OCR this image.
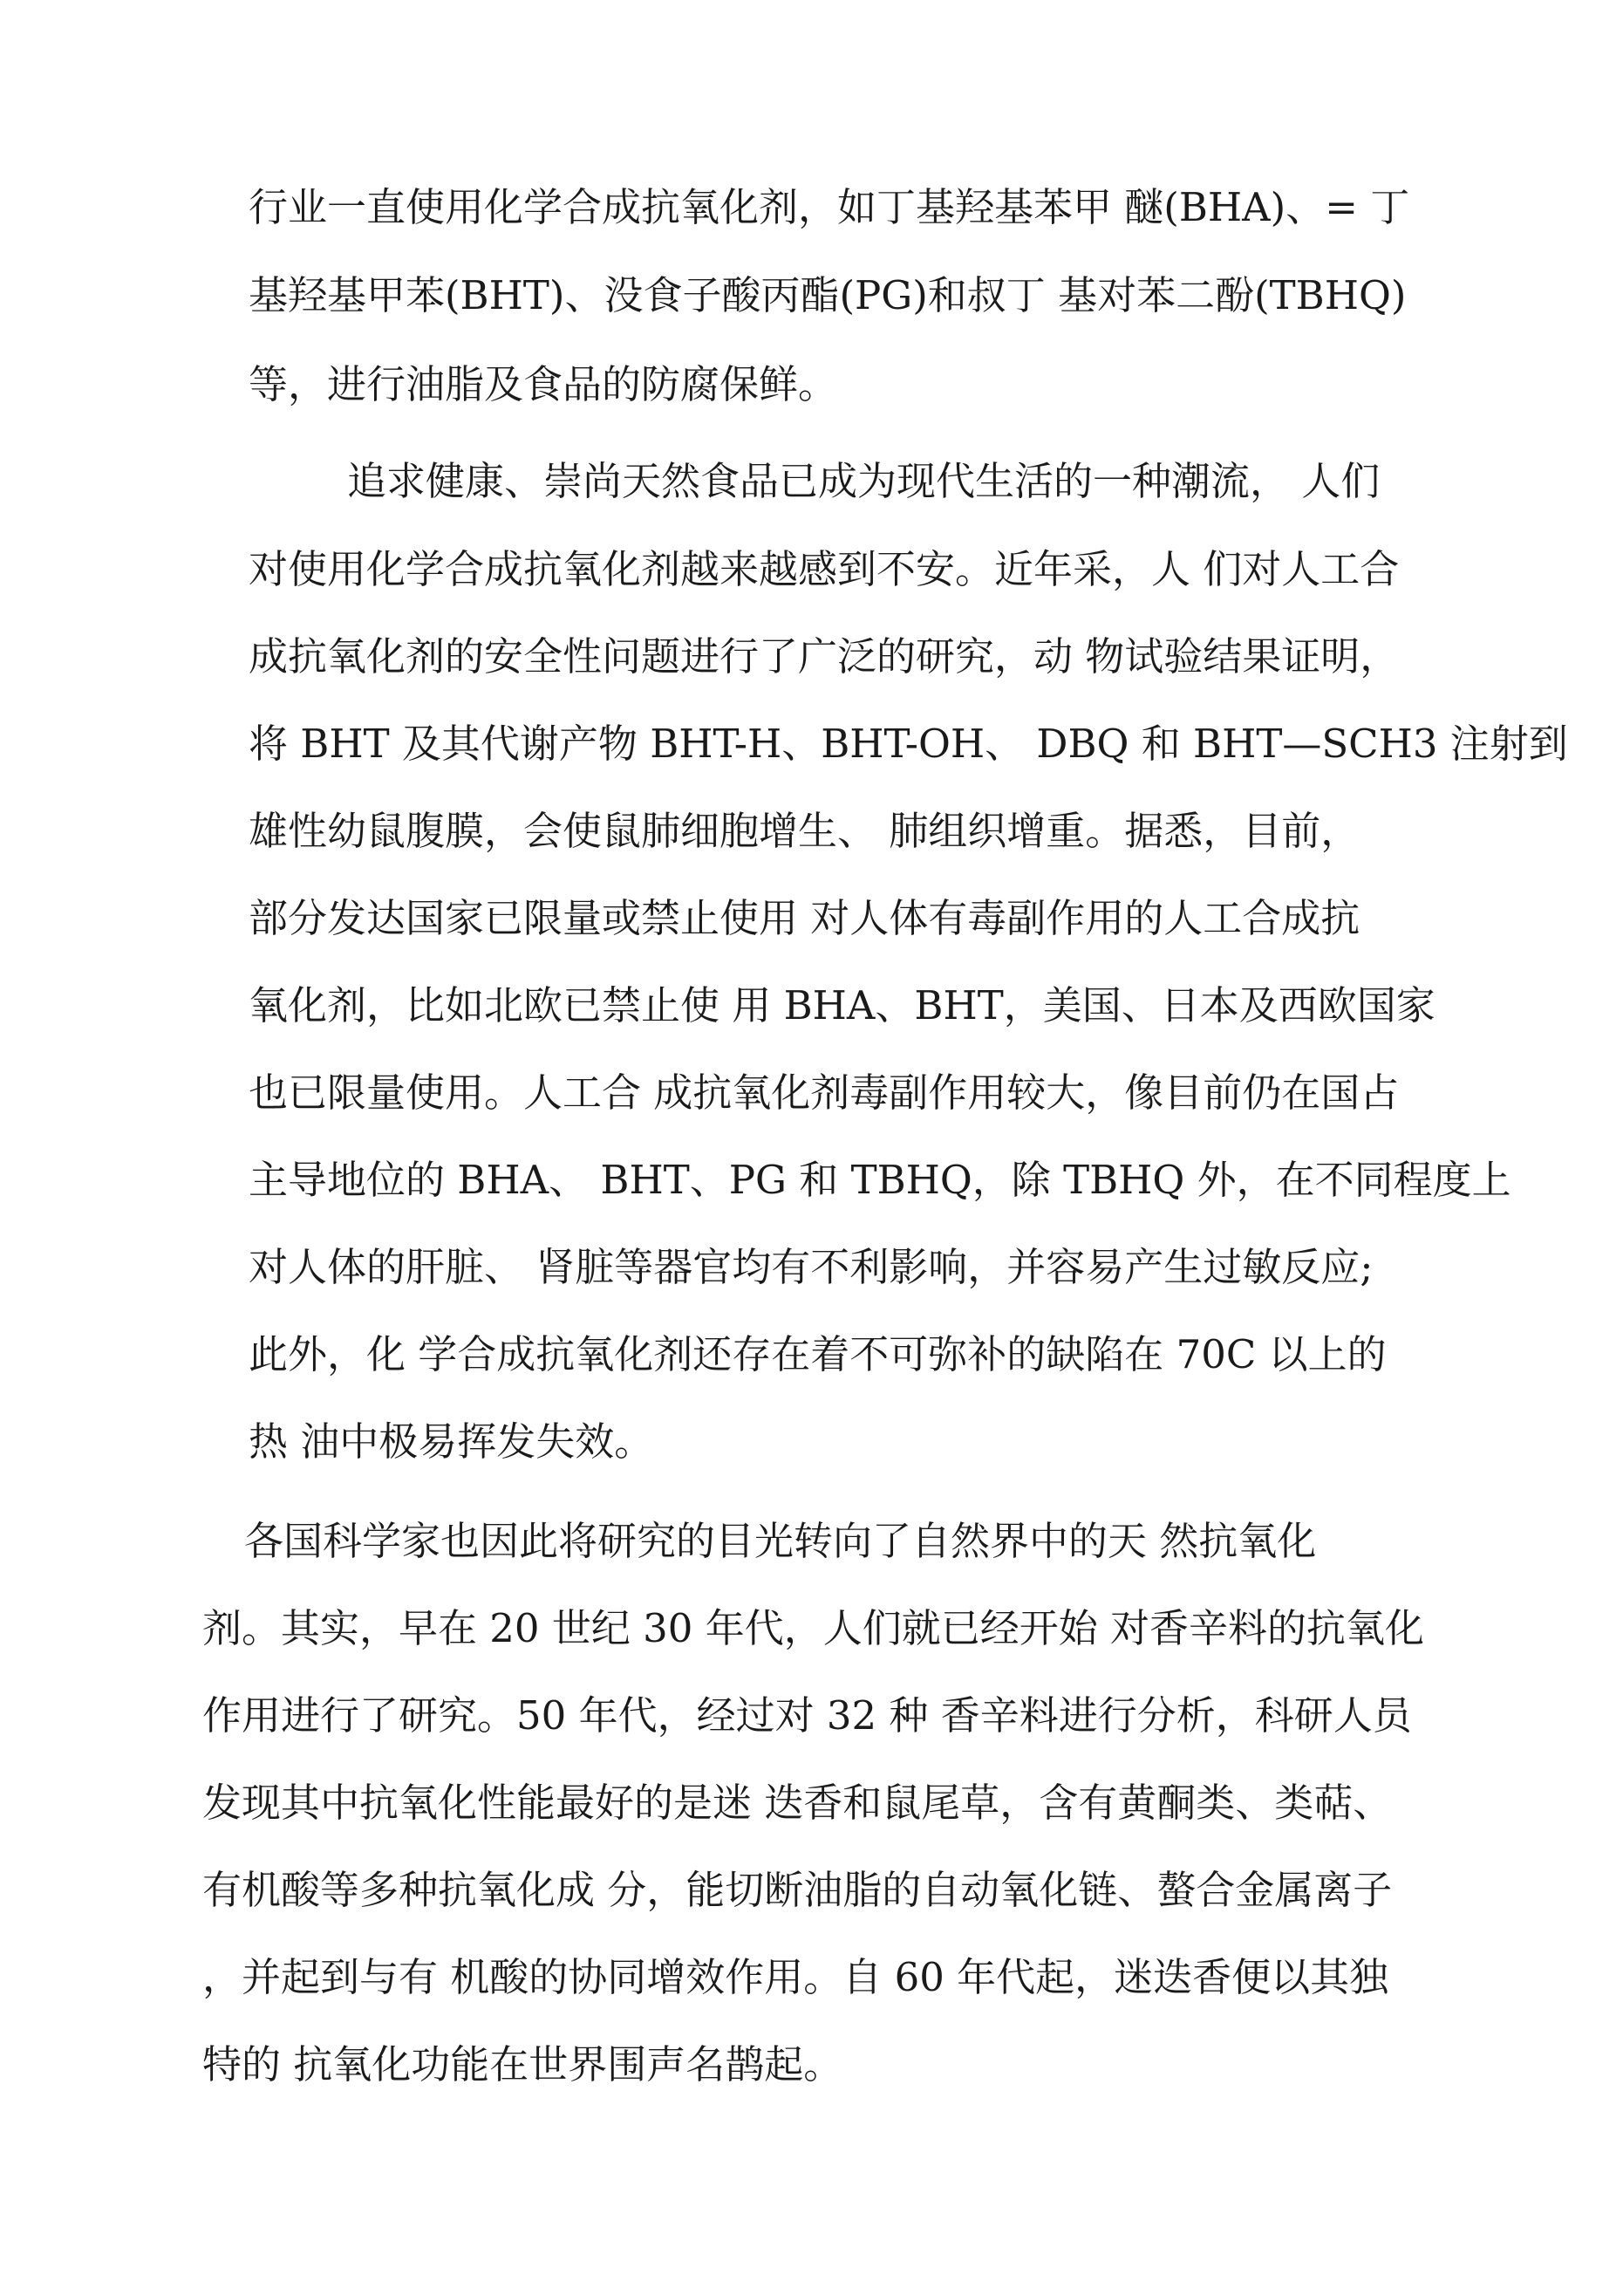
行业一直使用化学合成抗氧化剂，如丁基羟基苯甲 醚(BHA)、= 丁
基羟基甲苯(BHT)、没食子酸丙酯(PG)和叔丁 基对苯二酚(TBHQ)
等，进行油脂及食品的防腐保鲜。
追求健康、崇尚天然食品已成为现代生活的一种潮流， 人们
对使用化学合成抗氧化剂越来越感到不安。近年采，人 们对人工合
成抗氧化剂的安全性问题进行了广泛的研究，动 物试验结果证明，
将 BHT 及其代谢产物 BHT-H、BHT-OH、 DBQ 和 BHT—SCH3 注射到
雄性幼鼠腹膜，会使鼠肺细胞增生、 肺组织增重。据悉，目前，
部分发达国家已限量或禁止使用 对人体有毒副作用的人工合成抗
氧化剂，比如北欧已禁止使 用 BHA、BHT，美国、日本及西欧国家
也已限量使用。人工合 成抗氧化剂毒副作用较大，像目前仍在国占
主导地位的 BHA、 BHT、PG 和 TBHQ，除 TBHQ 外，在不同程度上
对人体的肝脏、 肾脏等器官均有不利影响，并容易产生过敏反应;
此外，化 学合成抗氧化剂还存在着不可弥补的缺陷在 70C 以上的
热 油中极易挥发失效。
各国科学家也因此将研究的目光转向了自然界中的天 然抗氧化
剂。其实，早在 20 世纪 30 年代，人们就已经开始 对香辛料的抗氧化
作用进行了研究。50 年代，经过对 32 种 香辛料进行分析，科研人员
发现其中抗氧化性能最好的是迷 迭香和鼠尾草，含有黄酮类、类萜、
有机酸等多种抗氧化成 分，能切断油脂的自动氧化链、螯合金属离子
，并起到与有 机酸的协同增效作用。自 60 年代起，迷迭香便以其独
特的 抗氧化功能在世界围声名鹊起。
